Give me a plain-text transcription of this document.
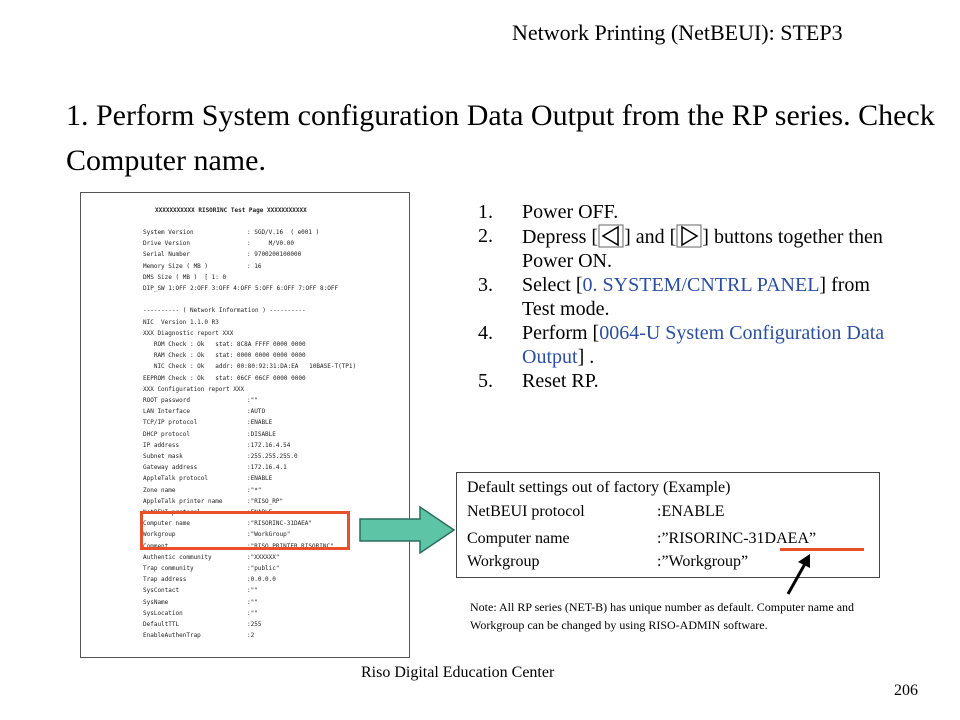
Network Printing (NetBEUI): STEP3
1. Perform System configuration Data Output from the RP series. Check Computer name.
XXXXXXXXXXX RISORINC Test Page XXXXXXXXXXX
System Version	: SGD/V.16  ( e001 )
Drive Version	:     M/V0.00
Serial Number	: 9700200100000
Memory Size ( MB )	: 16
DMS Size ( MB )  [ 1: 0
DIP_SW 1:OFF 2:OFF 3:OFF 4:OFF 5:OFF 6:OFF 7:OFF 8:OFF
---------- ( Network Information ) ----------
NIC  Version 1.1.0 R3
XXX Diagnostic report XXX
ROM Check : Ok   stat: 8C8A FFFF 0000 0000
RAM Check : Ok   stat: 0000 0000 0000 0000
NIC Check : Ok   addr: 00:80:92:31:DA:EA   10BASE-T(TP1)
EEPROM Check : Ok   stat: 06CF 06CF 0000 0000
XXX Configuration report XXX
ROOT password	:""
LAN Interface	:AUTO
TCP/IP protocol	:ENABLE
DHCP protocol	:DISABLE
IP address	:172.16.4.54
Subnet mask	:255.255.255.0
Gateway address	:172.16.4.1
AppleTalk protocol	:ENABLE
Zone name	:"*"
AppleTalk printer name	:"RISO_RP"
NetBEUI protocol	:ENABLE
Computer name	:"RISORINC-31DAEA"
Workgroup	:"WorkGroup"
Comment	:"RISO PRINTER RISORINC"
Authentic community	:"XXXXXX"
Trap community	:"public"
Trap address	:0.0.0.0
SysContact	:""
SysName	:""
SysLocation	:""
DefaultTTL	:255
EnableAuthenTrap	:2

1. Power OFF.

2. Depress [ ] and [ ] buttons together then Power ON.

3. Select [0. SYSTEM/CNTRL PANEL] from Test mode.

4. Perform [0064-U System Configuration Data Output] .

5. Reset RP.

Default settings out of factory (Example)
NetBEUI protocol	:ENABLE
Computer name	:”RISORINC-31DAEA”
Workgroup	:”Workgroup”
Note: All RP series (NET-B) has unique number as default. Computer name and Workgroup can be changed by using RISO-ADMIN software.
Riso Digital Education Center
206
